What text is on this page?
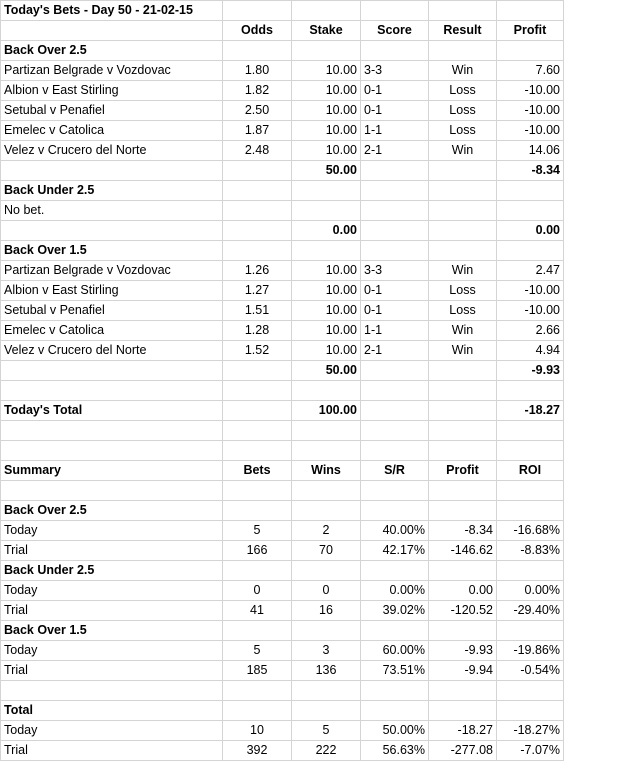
Today's Bets - Day 50 - 21-02-15					
	Odds	Stake	Score	Result	Profit
Back Over 2.5					
Partizan Belgrade v Vozdovac	1.80	10.00	3-3	Win	7.60
Albion v East Stirling	1.82	10.00	0-1	Loss	-10.00
Setubal v Penafiel	2.50	10.00	0-1	Loss	-10.00
Emelec v Catolica	1.87	10.00	1-1	Loss	-10.00
Velez v Crucero del Norte	2.48	10.00	2-1	Win	14.06
		50.00			-8.34
Back Under 2.5					
No bet.					
		0.00			0.00
Back Over 1.5					
Partizan Belgrade v Vozdovac	1.26	10.00	3-3	Win	2.47
Albion v East Stirling	1.27	10.00	0-1	Loss	-10.00
Setubal v Penafiel	1.51	10.00	0-1	Loss	-10.00
Emelec v Catolica	1.28	10.00	1-1	Win	2.66
Velez v Crucero del Norte	1.52	10.00	2-1	Win	4.94
		50.00			-9.93

Today's Total		100.00			-18.27

Summary	Bets	Wins	S/R	Profit	ROI

Back Over 2.5					
Today	5	2	40.00%	-8.34	-16.68%
Trial	166	70	42.17%	-146.62	-8.83%
Back Under 2.5					
Today	0	0	0.00%	0.00	0.00%
Trial	41	16	39.02%	-120.52	-29.40%
Back Over 1.5					
Today	5	3	60.00%	-9.93	-19.86%
Trial	185	136	73.51%	-9.94	-0.54%

Total					
Today	10	5	50.00%	-18.27	-18.27%
Trial	392	222	56.63%	-277.08	-7.07%
